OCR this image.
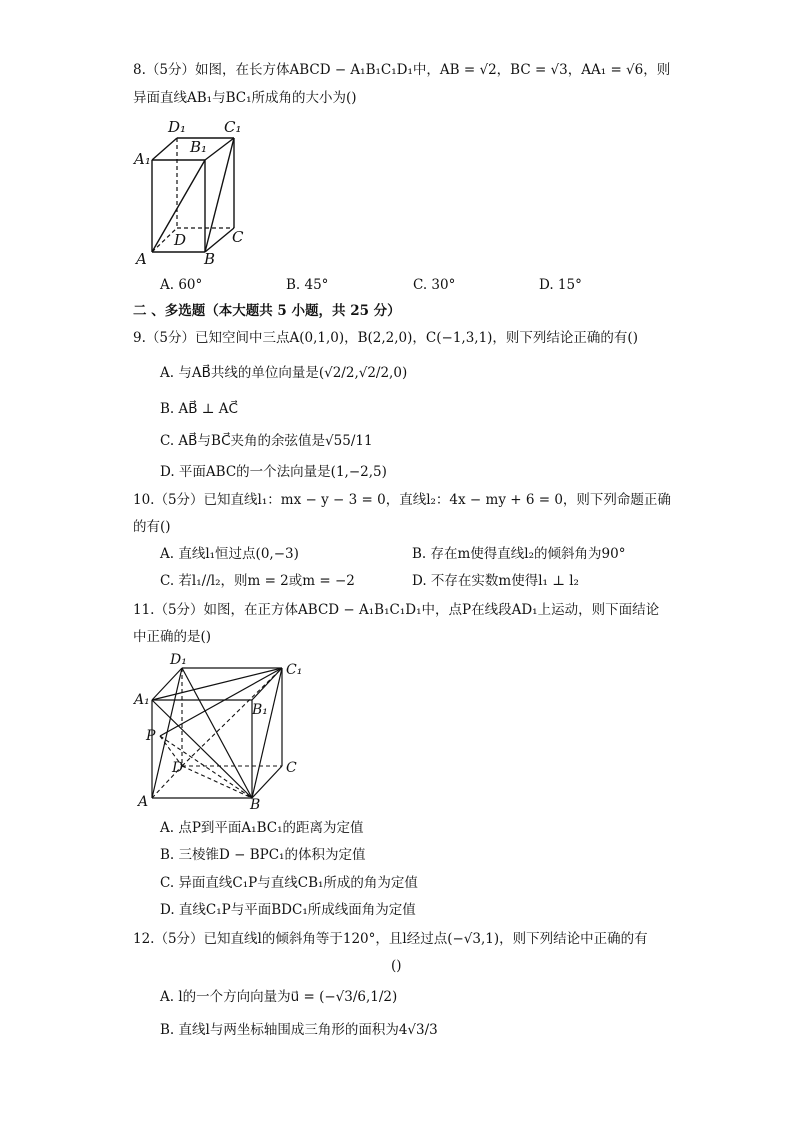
8.（5分）如图，在长方体ABCD − A₁B₁C₁D₁中，AB = √2，BC = √3，AA₁ = √6，则
异面直线AB₁与BC₁所成角的大小为()
D₁	C₁
A₁
B₁
D	C
A	B
A. 60°	B. 45°	C. 30°	D. 15°
二 、多选题（本大题共 5 小题，共 25 分）
9.（5分）已知空间中三点A(0,1,0)，B(2,2,0)，C(−1,3,1)，则下列结论正确的有()
A. 与AB⃗共线的单位向量是(√2/2,√2/2,0)
B. AB⃗ ⊥ AC⃗
C. AB⃗与BC⃗夹角的余弦值是√55/11
D. 平面ABC的一个法向量是(1,−2,5)
10.（5分）已知直线l₁：mx − y − 3 = 0，直线l₂：4x − my + 6 = 0，则下列命题正确
的有()
A. 直线l₁恒过点(0,−3)	B. 存在m使得直线l₂的倾斜角为90°
C. 若l₁//l₂，则m = 2或m = −2	D. 不存在实数m使得l₁ ⊥ l₂
11.（5分）如图，在正方体ABCD − A₁B₁C₁D₁中，点P在线段AD₁上运动，则下面结论
中正确的是()
D₁
C₁
A₁
B₁
P
D	C
A	B
A. 点P到平面A₁BC₁的距离为定值
B. 三棱锥D − BPC₁的体积为定值
C. 异面直线C₁P与直线CB₁所成的角为定值
D. 直线C₁P与平面BDC₁所成线面角为定值
12.（5分）已知直线l的倾斜角等于120°，且l经过点(−√3,1)，则下列结论中正确的有
()
A. l的一个方向向量为u⃗ = (−√3/6,1/2)
B. 直线l与两坐标轴围成三角形的面积为4√3/3
